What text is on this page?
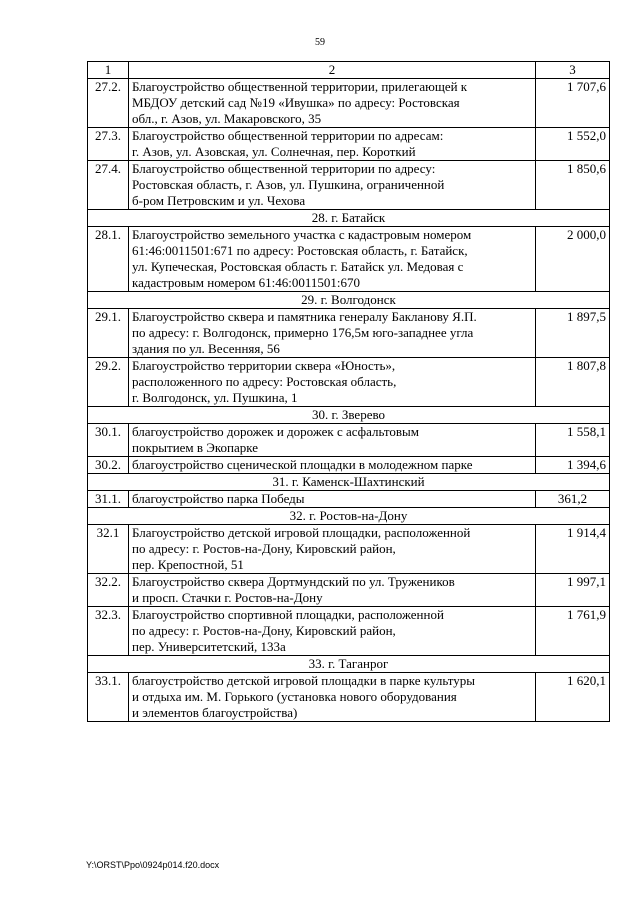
59
1	2	3
27.2.	Благоустройство общественной территории, прилегающей к
МБДОУ детский сад №19 «Ивушка» по адресу: Ростовская
обл., г. Азов, ул. Макаровского, 35	1 707,6
27.3.	Благоустройство общественной территории по адресам:
г. Азов, ул. Азовская, ул. Солнечная, пер. Короткий	1 552,0
27.4.	Благоустройство общественной территории по адресу:
Ростовская область, г. Азов, ул. Пушкина, ограниченной
б-ром Петровским и ул. Чехова	1 850,6
28. г. Батайск		
28.1.	Благоустройство земельного участка с кадастровым номером
61:46:0011501:671 по адресу: Ростовская область, г. Батайск,
ул. Купеческая, Ростовская область г. Батайск ул. Медовая с
кадастровым номером 61:46:0011501:670	2 000,0
29. г. Волгодонск		
29.1.	Благоустройство сквера и памятника генералу Бакланову Я.П.
по адресу: г. Волгодонск, примерно 176,5м юго-западнее угла
здания по ул. Весенняя, 56	1 897,5
29.2.	Благоустройство территории сквера «Юность»,
расположенного по адресу: Ростовская область,
г. Волгодонск, ул. Пушкина, 1	1 807,8
30. г. Зверево		
30.1.	благоустройство дорожек и дорожек с асфальтовым
покрытием в Экопарке	1 558,1
30.2.	благоустройство сценической площадки в молодежном парке	1 394,6
31. г. Каменск-Шахтинский		
31.1.	благоустройство парка Победы	361,2
32. г. Ростов-на-Дону		
32.1	Благоустройство детской игровой площадки, расположенной
по адресу: г. Ростов-на-Дону, Кировский район,
пер. Крепостной, 51	1 914,4
32.2.	Благоустройство сквера Дортмундский по ул. Тружеников
и просп. Стачки г. Ростов-на-Дону	1 997,1
32.3.	Благоустройство спортивной площадки, расположенной
по адресу: г. Ростов-на-Дону, Кировский район,
пер. Университетский, 133а	1 761,9
33. г. Таганрог		
33.1.	благоустройство детской игровой площадки в парке культуры
и отдыха им. М. Горького (установка нового оборудования
и элементов благоустройства)	1 620,1
Y:\ORST\Ppo\0924p014.f20.docx
